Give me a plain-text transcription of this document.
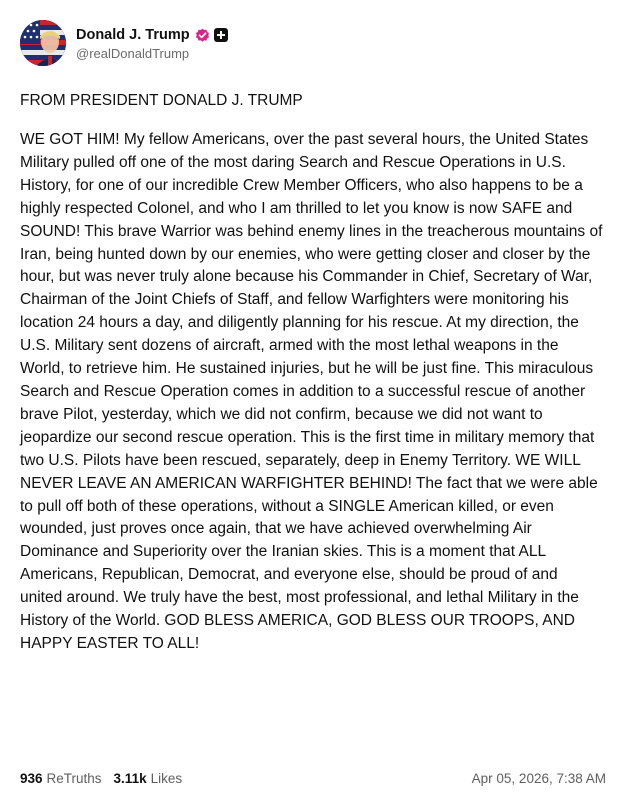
Donald J. Trump
@realDonaldTrump
FROM PRESIDENT DONALD J. TRUMP
WE GOT HIM! My fellow Americans, over the past several hours, the United States Military pulled off one of the most daring Search and Rescue Operations in U.S. History, for one of our incredible Crew Member Officers, who also happens to be a highly respected Colonel, and who I am thrilled to let you know is now SAFE and SOUND! This brave Warrior was behind enemy lines in the treacherous mountains of Iran, being hunted down by our enemies, who were getting closer and closer by the hour, but was never truly alone because his Commander in Chief, Secretary of War, Chairman of the Joint Chiefs of Staff, and fellow Warfighters were monitoring his location 24 hours a day, and diligently planning for his rescue. At my direction, the U.S. Military sent dozens of aircraft, armed with the most lethal weapons in the World, to retrieve him. He sustained injuries, but he will be just fine. This miraculous Search and Rescue Operation comes in addition to a successful rescue of another brave Pilot, yesterday, which we did not confirm, because we did not want to jeopardize our second rescue operation. This is the first time in military memory that two U.S. Pilots have been rescued, separately, deep in Enemy Territory. WE WILL NEVER LEAVE AN AMERICAN WARFIGHTER BEHIND! The fact that we were able to pull off both of these operations, without a SINGLE American killed, or even wounded, just proves once again, that we have achieved overwhelming Air Dominance and Superiority over the Iranian skies. This is a moment that ALL Americans, Republican, Democrat, and everyone else, should be proud of and united around. We truly have the best, most professional, and lethal Military in the History of the World. GOD BLESS AMERICA, GOD BLESS OUR TROOPS, AND HAPPY EASTER TO ALL!
936 ReTruths 3.11k Likes	Apr 05, 2026, 7:38 AM
